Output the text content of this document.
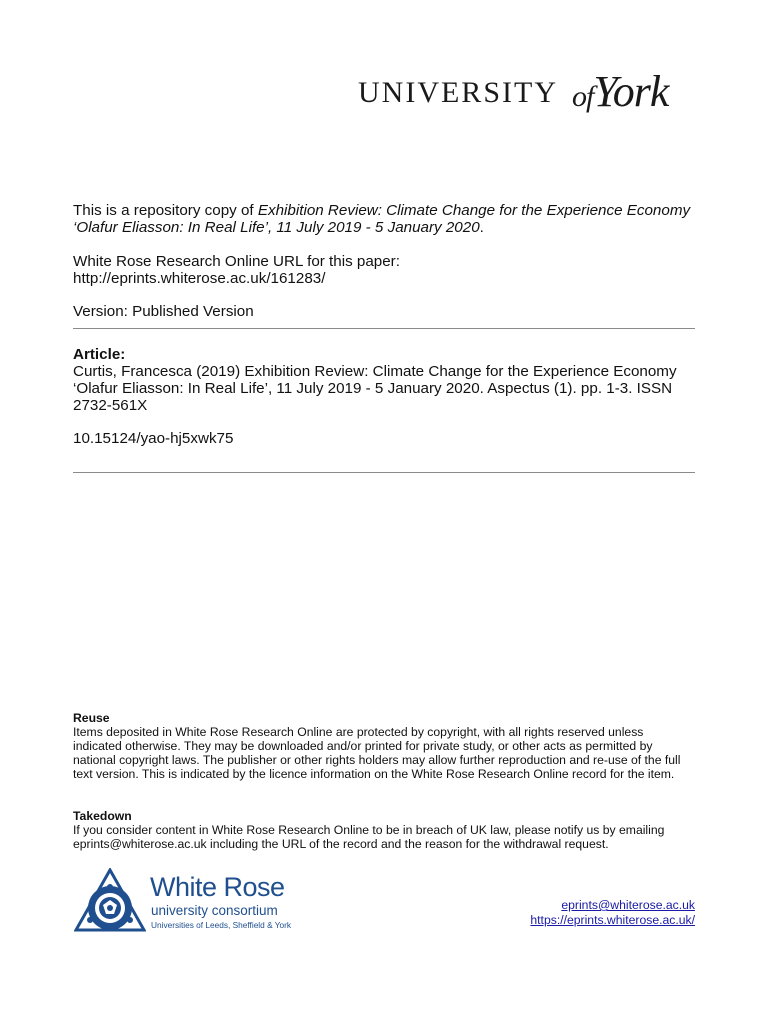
UNIVERSITY ofYork
This is a repository copy of Exhibition Review: Climate Change for the Experience Economy ‘Olafur Eliasson: In Real Life’, 11 July 2019 - 5 January 2020.
White Rose Research Online URL for this paper:
http://eprints.whiterose.ac.uk/161283/
Version: Published Version
Article:
Curtis, Francesca (2019) Exhibition Review: Climate Change for the Experience Economy ‘Olafur Eliasson: In Real Life’, 11 July 2019 - 5 January 2020. Aspectus (1). pp. 1-3. ISSN 2732-561X
10.15124/yao-hj5xwk75
Reuse
Items deposited in White Rose Research Online are protected by copyright, with all rights reserved unless indicated otherwise. They may be downloaded and/or printed for private study, or other acts as permitted by national copyright laws. The publisher or other rights holders may allow further reproduction and re-use of the full text version. This is indicated by the licence information on the White Rose Research Online record for the item.
Takedown
If you consider content in White Rose Research Online to be in breach of UK law, please notify us by emailing eprints@whiterose.ac.uk including the URL of the record and the reason for the withdrawal request.
White Rose
university consortium
Universities of Leeds, Sheffield & York
eprints@whiterose.ac.uk
https://eprints.whiterose.ac.uk/
